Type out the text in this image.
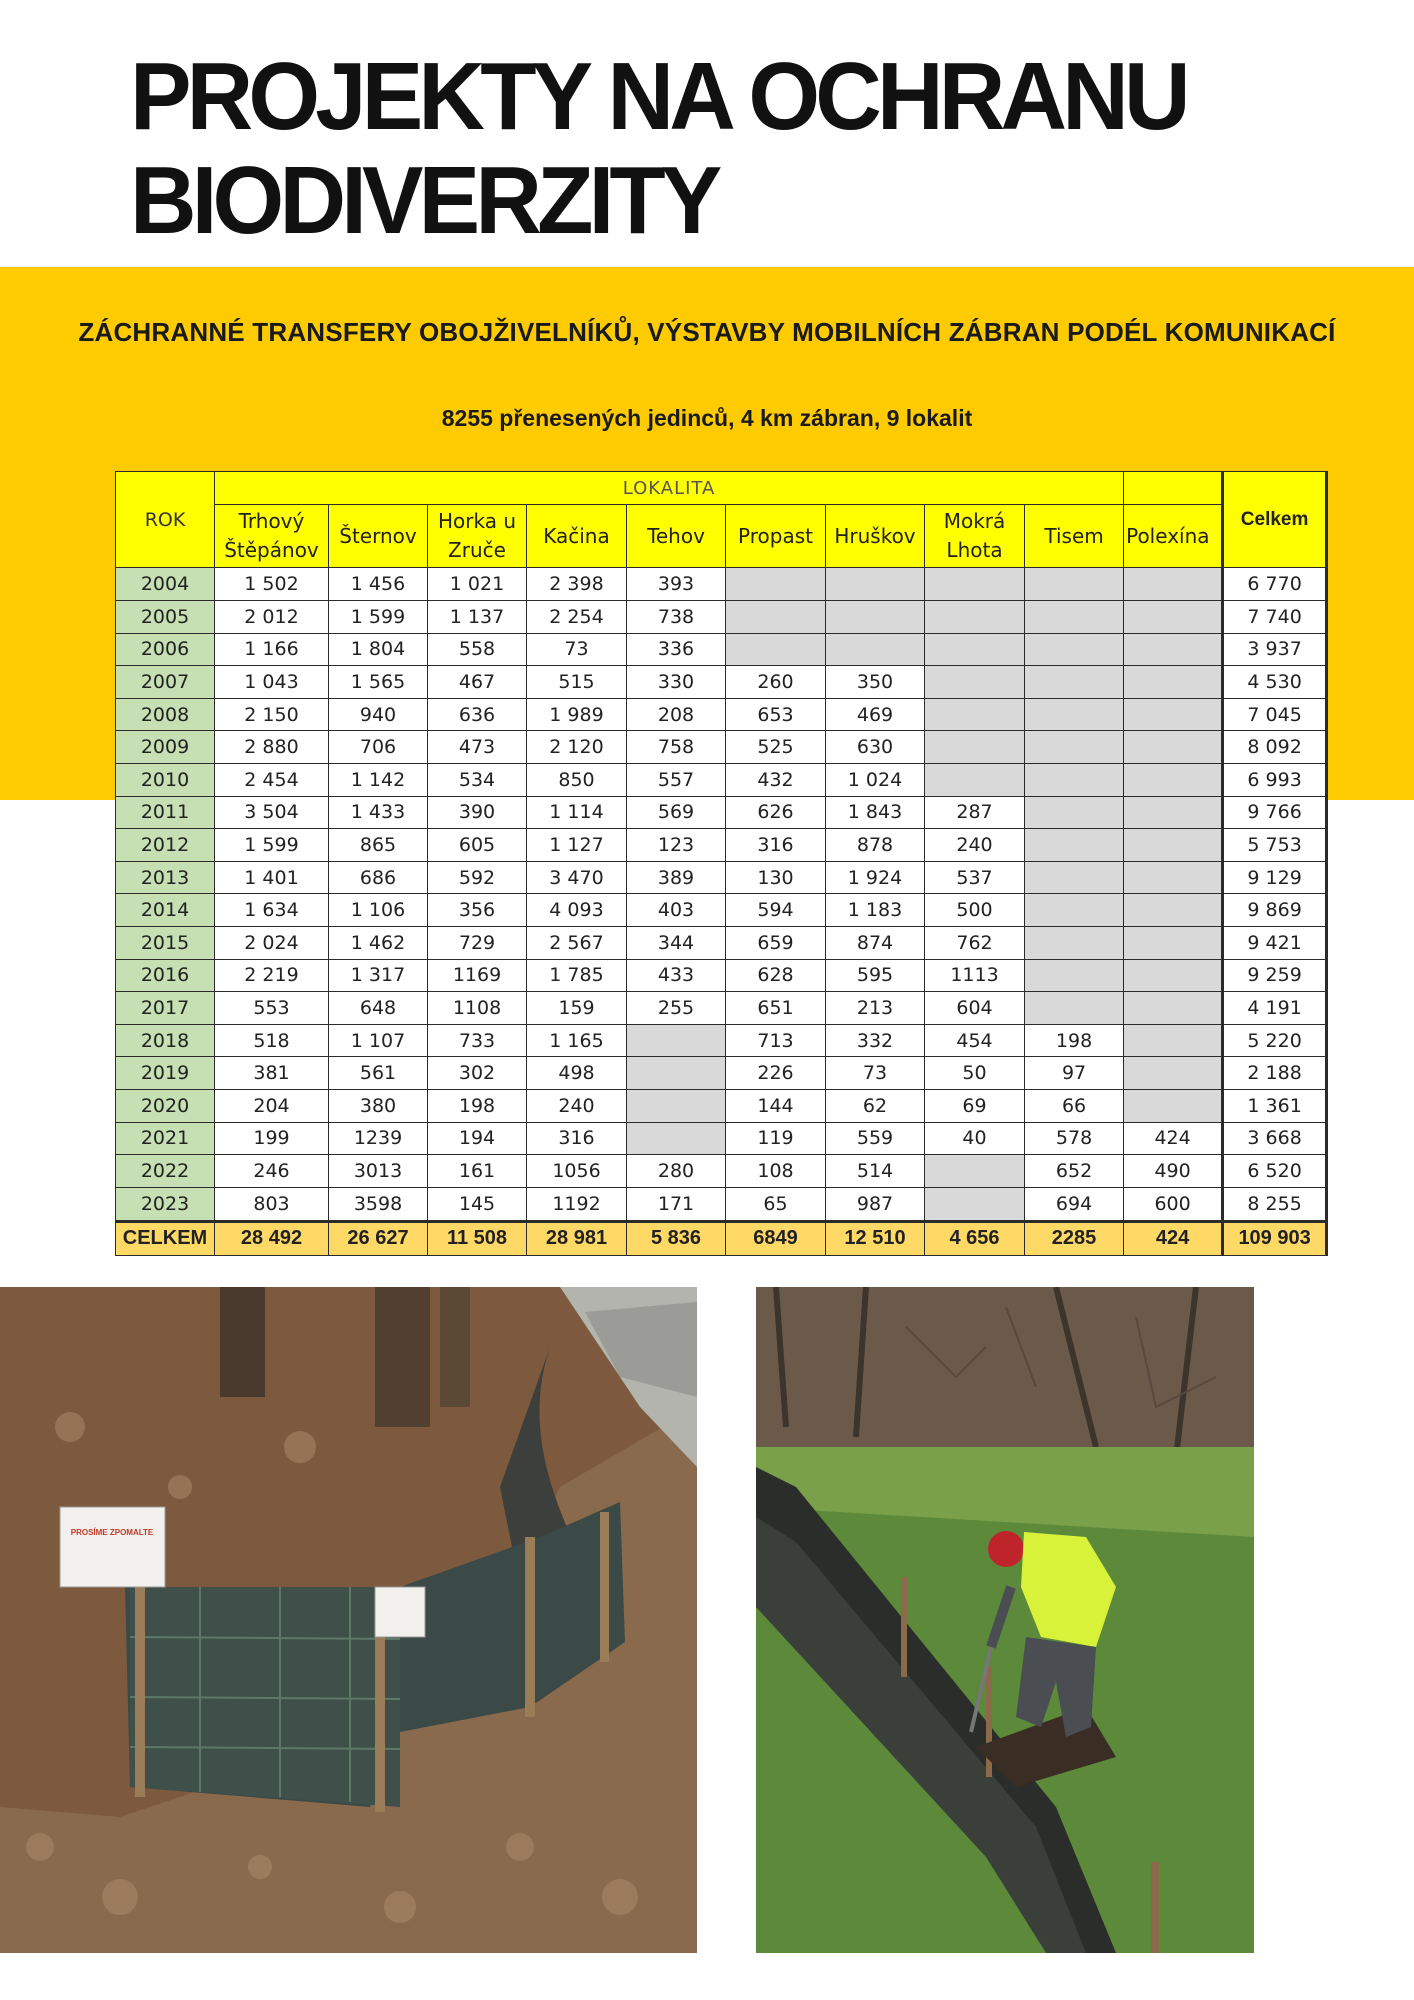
PROJEKTY NA OCHRANU
BIODIVERZITY
ZÁCHRANNÉ TRANSFERY OBOJŽIVELNÍKŮ, VÝSTAVBY MOBILNÍCH ZÁBRAN PODÉL KOMUNIKACÍ
8255 přenesených jedinců, 4 km zábran, 9 lokalit
ROK	LOKALITA										Celkem
	Trhový Štěpánov	Šternov	Horka u Zruče	Kačina	Tehov	Propast	Hruškov	Mokrá Lhota	Tisem	Polexína	
2004	1 502	1 456	1 021	2 398	393						6 770
2005	2 012	1 599	1 137	2 254	738						7 740
2006	1 166	1 804	558	73	336						3 937
2007	1 043	1 565	467	515	330	260	350				4 530
2008	2 150	940	636	1 989	208	653	469				7 045
2009	2 880	706	473	2 120	758	525	630				8 092
2010	2 454	1 142	534	850	557	432	1 024				6 993
2011	3 504	1 433	390	1 114	569	626	1 843	287			9 766
2012	1 599	865	605	1 127	123	316	878	240			5 753
2013	1 401	686	592	3 470	389	130	1 924	537			9 129
2014	1 634	1 106	356	4 093	403	594	1 183	500			9 869
2015	2 024	1 462	729	2 567	344	659	874	762			9 421
2016	2 219	1 317	1169	1 785	433	628	595	1113			9 259
2017	553	648	1108	159	255	651	213	604			4 191
2018	518	1 107	733	1 165		713	332	454	198		5 220
2019	381	561	302	498		226	73	50	97		2 188
2020	204	380	198	240		144	62	69	66		1 361
2021	199	1239	194	316		119	559	40	578	424	3 668
2022	246	3013	161	1056	280	108	514		652	490	6 520
2023	803	3598	145	1192	171	65	987		694	600	8 255
CELKEM	28 492	26 627	11 508	28 981	5 836	6849	12 510	4 656	2285	424	109 903
PROSÍME ZPOMALTE
